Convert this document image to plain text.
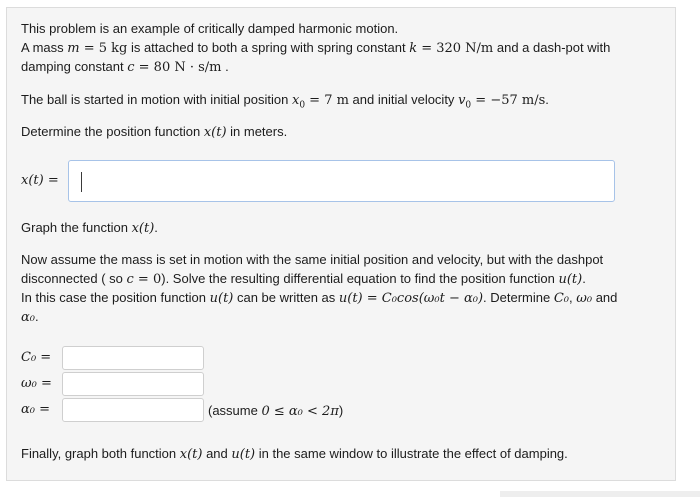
This problem is an example of critically damped harmonic motion.
A mass m = 5 kg is attached to both a spring with spring constant k = 320 N/m and a dash-pot with
damping constant c = 80 N · s/m .
The ball is started in motion with initial position $x_0 = 7$ m and initial velocity $v_0 = -57$ m/s.
Determine the position function x(t) in meters.
x(t) =
Graph the function x(t).
Now assume the mass is set in motion with the same initial position and velocity, but with the dashpot
disconnected ( so c = 0). Solve the resulting differential equation to find the position function u(t).
In this case the position function u(t) can be written as u(t) = C₀cos(ω₀t − α₀). Determine C₀, ω₀ and
α₀.
C₀ =
ω₀ =
α₀ =	(assume 0 ≤ α₀ < 2π)
Finally, graph both function x(t) and u(t) in the same window to illustrate the effect of damping.
